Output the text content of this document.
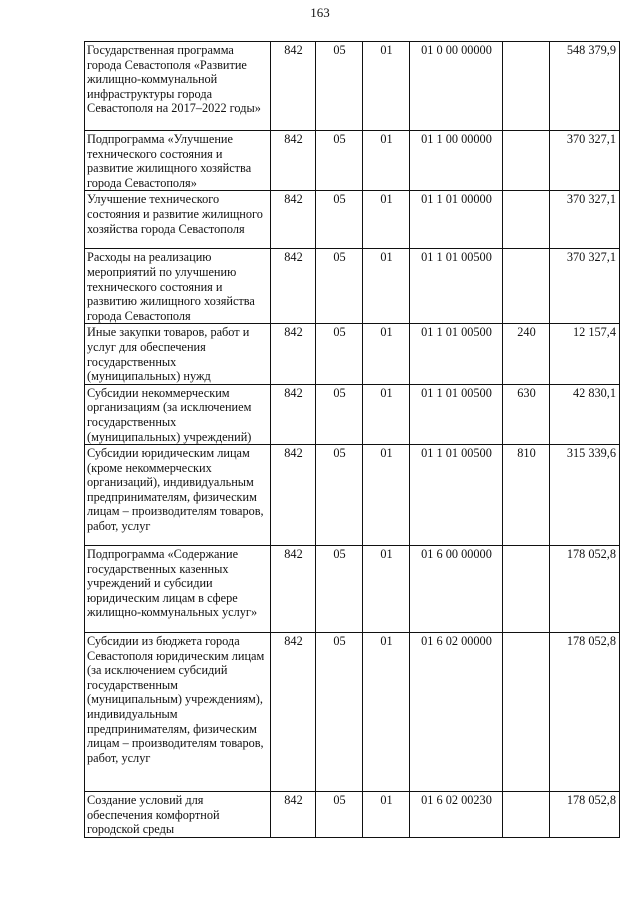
163
Государственная программа города Севастополя «Развитие жилищно-коммунальной инфраструктуры города Севастополя на 2017–2022 годы»	842	05	01	01 0 00 00000		548 379,9
Подпрограмма «Улучшение технического состояния и развитие жилищного хозяйства города Севастополя»	842	05	01	01 1 00 00000		370 327,1
Улучшение технического состояния и развитие жилищного хозяйства города Севастополя	842	05	01	01 1 01 00000		370 327,1
Расходы на реализацию мероприятий по улучшению технического состояния и развитию жилищного хозяйства города Севастополя	842	05	01	01 1 01 00500		370 327,1
Иные закупки товаров, работ и услуг для обеспечения государственных (муниципальных) нужд	842	05	01	01 1 01 00500	240	12 157,4
Субсидии некоммерческим организациям (за исключением государственных (муниципальных) учреждений)	842	05	01	01 1 01 00500	630	42 830,1
Субсидии юридическим лицам (кроме некоммерческих организаций), индивидуальным предпринимателям, физическим лицам – производителям товаров, работ, услуг	842	05	01	01 1 01 00500	810	315 339,6
Подпрограмма «Содержание государственных казенных учреждений и субсидии юридическим лицам в сфере жилищно-коммунальных услуг»	842	05	01	01 6 00 00000		178 052,8
Субсидии из бюджета города Севастополя юридическим лицам (за исключением субсидий государственным (муниципальным) учреждениям), индивидуальным предпринимателям, физическим лицам – производителям товаров, работ, услуг	842	05	01	01 6 02 00000		178 052,8
Создание условий для обеспечения комфортной городской среды	842	05	01	01 6 02 00230		178 052,8
